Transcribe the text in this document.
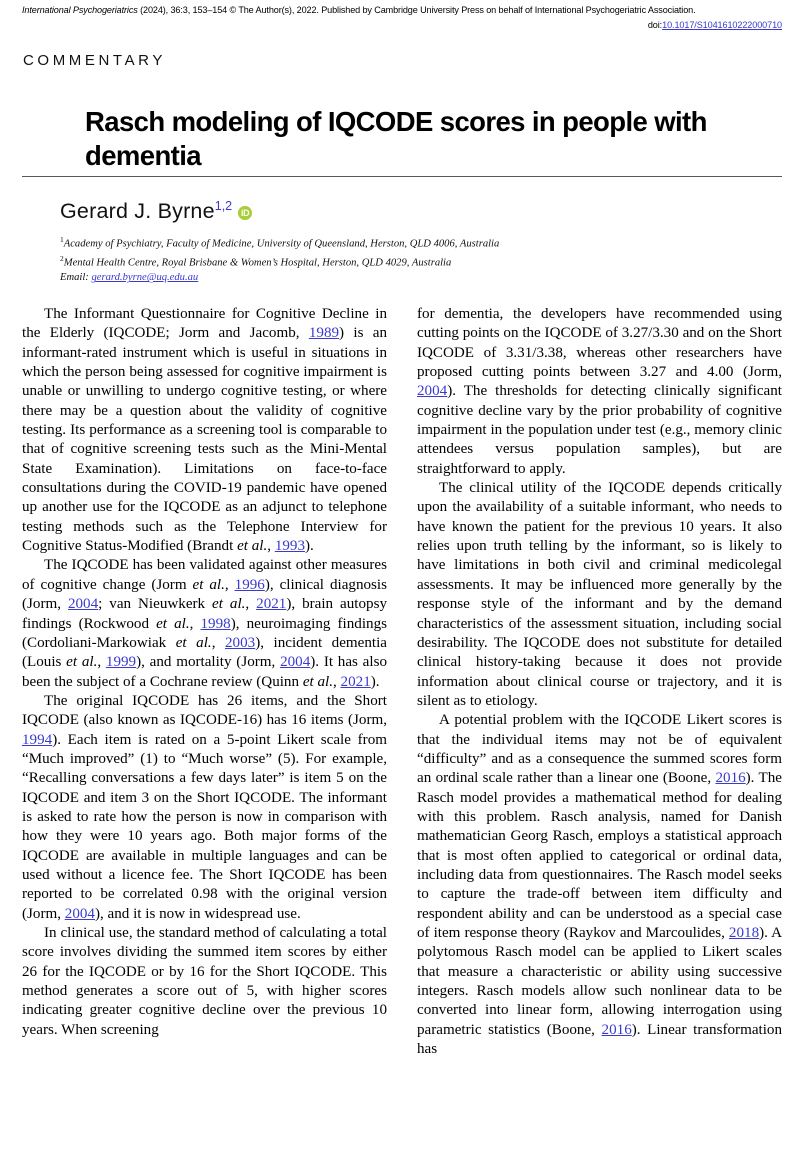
International Psychogeriatrics (2024), 36:3, 153–154 © The Author(s), 2022. Published by Cambridge University Press on behalf of International Psychogeriatric Association.
doi:10.1017/S1041610222000710
COMMENTARY
Rasch modeling of IQCODE scores in people with dementia
Gerard J. Byrne$^{1,2}$iD
$^1$Academy of Psychiatry, Faculty of Medicine, University of Queensland, Herston, QLD 4006, Australia
$^2$Mental Health Centre, Royal Brisbane & Women’s Hospital, Herston, QLD 4029, Australia
Email: gerard.byrne@uq.edu.au

The Informant Questionnaire for Cognitive Decline in the Elderly (IQCODE; Jorm and Jacomb, 1989) is an informant-rated instrument which is useful in situations in which the person being assessed for cognitive impairment is unable or unwilling to undergo cognitive testing, or where there may be a question about the validity of cognitive testing. Its performance as a screening tool is comparable to that of cognitive screening tests such as the Mini-Mental State Examination). Limitations on face-to-face consultations during the COVID-19 pandemic have opened up another use for the IQCODE as an adjunct to telephone testing methods such as the Telephone Interview for Cognitive Status-Modified (Brandt et al., 1993).

The IQCODE has been validated against other measures of cognitive change (Jorm et al., 1996), clinical diagnosis (Jorm, 2004; van Nieuwkerk et al., 2021), brain autopsy findings (Rockwood et al., 1998), neuroimaging findings (Cordoliani-Markowiak et al., 2003), incident dementia (Louis et al., 1999), and mortality (Jorm, 2004). It has also been the subject of a Cochrane review (Quinn et al., 2021).

The original IQCODE has 26 items, and the Short IQCODE (also known as IQCODE-16) has 16 items (Jorm, 1994). Each item is rated on a 5-point Likert scale from “Much improved” (1) to “Much worse” (5). For example, “Recalling conversations a few days later” is item 5 on the IQCODE and item 3 on the Short IQCODE. The informant is asked to rate how the person is now in comparison with how they were 10 years ago. Both major forms of the IQCODE are available in multiple languages and can be used without a licence fee. The Short IQCODE has been reported to be correlated 0.98 with the original version (Jorm, 2004), and it is now in widespread use.

In clinical use, the standard method of calculating a total score involves dividing the summed item scores by either 26 for the IQCODE or by 16 for the Short IQCODE. This method generates a score out of 5, with higher scores indicating greater cognitive decline over the previous 10 years. When screening

for dementia, the developers have recommended using cutting points on the IQCODE of 3.27/3.30 and on the Short IQCODE of 3.31/3.38, whereas other researchers have proposed cutting points between 3.27 and 4.00 (Jorm, 2004). The thresholds for detecting clinically significant cognitive decline vary by the prior probability of cognitive impairment in the population under test (e.g., memory clinic attendees versus population samples), but are straightforward to apply.

The clinical utility of the IQCODE depends critically upon the availability of a suitable informant, who needs to have known the patient for the previous 10 years. It also relies upon truth telling by the informant, so is likely to have limitations in both civil and criminal medicolegal assessments. It may be influenced more generally by the response style of the informant and by the demand characteristics of the assessment situation, including social desirability. The IQCODE does not substitute for detailed clinical history-taking because it does not provide information about clinical course or trajectory, and it is silent as to etiology.

A potential problem with the IQCODE Likert scores is that the individual items may not be of equivalent “difficulty” and as a consequence the summed scores form an ordinal scale rather than a linear one (Boone, 2016). The Rasch model provides a mathematical method for dealing with this problem. Rasch analysis, named for Danish mathematician Georg Rasch, employs a statistical approach that is most often applied to categorical or ordinal data, including data from questionnaires. The Rasch model seeks to capture the trade-off between item difficulty and respondent ability and can be understood as a special case of item response theory (Raykov and Marcoulides, 2018). A polytomous Rasch model can be applied to Likert scales that measure a characteristic or ability using successive integers. Rasch models allow such nonlinear data to be converted into linear form, allowing interrogation using parametric statistics (Boone, 2016). Linear transformation has
